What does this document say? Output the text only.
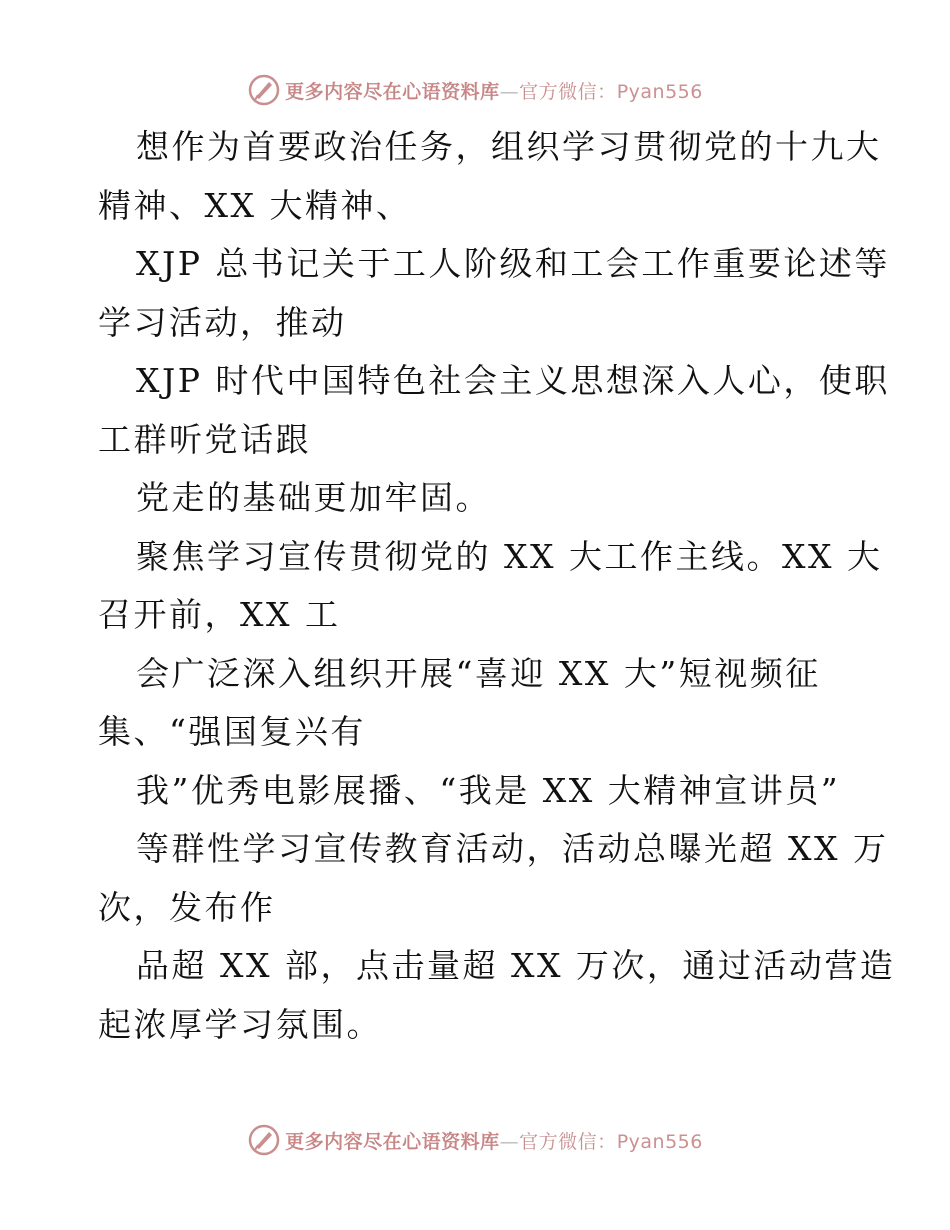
更多内容尽在心语资料库—官方微信：Pyan556
想作为首要政治任务，组织学习贯彻党的十九大
精神、XX 大精神、
XJP 总书记关于工人阶级和工会工作重要论述等
学习活动，推动
XJP 时代中国特色社会主义思想深入人心，使职
工群听党话跟
党走的基础更加牢固。
聚焦学习宣传贯彻党的 XX 大工作主线。XX 大
召开前，XX 工
会广泛深入组织开展“喜迎 XX 大”短视频征
集、“强国复兴有
我”优秀电影展播、“我是 XX 大精神宣讲员”
等群性学习宣传教育活动，活动总曝光超 XX 万
次，发布作
品超 XX 部，点击量超 XX 万次，通过活动营造
起浓厚学习氛围。
更多内容尽在心语资料库—官方微信：Pyan556
